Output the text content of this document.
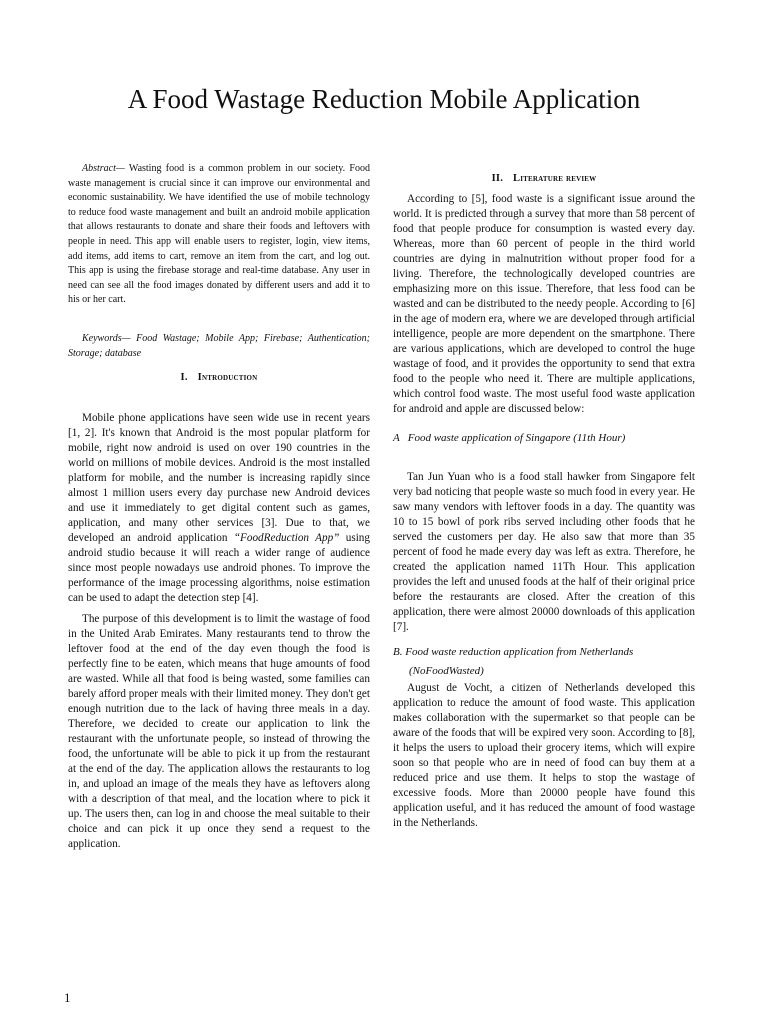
A Food Wastage Reduction Mobile Application

Abstract— Wasting food is a common problem in our society. Food waste management is crucial since it can improve our environmental and economic sustainability. We have identified the use of mobile technology to reduce food waste management and built an android mobile application that allows restaurants to donate and share their foods and leftovers with people in need. This app will enable users to register, login, view items, add items, add items to cart, remove an item from the cart, and log out. This app is using the firebase storage and real-time database. Any user in need can see all the food images donated by different users and add it to his or her cart.

Keywords— Food Wastage; Mobile App; Firebase; Authentication; Storage; database

I. Introduction

Mobile phone applications have seen wide use in recent years [1, 2]. It's known that Android is the most popular platform for mobile, right now android is used on over 190 countries in the world on millions of mobile devices. Android is the most installed platform for mobile, and the number is increasing rapidly since almost 1 million users every day purchase new Android devices and use it immediately to get digital content such as games, application, and many other services [3]. Due to that, we developed an android application “FoodReduction App” using android studio because it will reach a wider range of audience since most people nowadays use android phones. To improve the performance of the image processing algorithms, noise estimation can be used to adapt the detection step [4].

The purpose of this development is to limit the wastage of food in the United Arab Emirates. Many restaurants tend to throw the leftover food at the end of the day even though the food is perfectly fine to be eaten, which means that huge amounts of food are wasted. While all that food is being wasted, some families can barely afford proper meals with their limited money. They don't get enough nutrition due to the lack of having three meals in a day. Therefore, we decided to create our application to link the restaurant with the unfortunate people, so instead of throwing the food, the unfortunate will be able to pick it up from the restaurant at the end of the day. The application allows the restaurants to log in, and upload an image of the meals they have as leftovers along with a description of that meal, and the location where to pick it up. The users then, can log in and choose the meal suitable to their choice and can pick it up once they send a request to the application.

II. Literature review

According to [5], food waste is a significant issue around the world. It is predicted through a survey that more than 58 percent of food that people produce for consumption is wasted every day. Whereas, more than 60 percent of people in the third world countries are dying in malnutrition without proper food for a living. Therefore, the technologically developed countries are emphasizing more on this issue. Therefore, that less food can be wasted and can be distributed to the needy people. According to [6] in the age of modern era, where we are developed through artificial intelligence, people are more dependent on the smartphone. There are various applications, which are developed to control the huge wastage of food, and it provides the opportunity to send that extra food to the people who need it. There are multiple applications, which control food waste. The most useful food waste application for android and apple are discussed below:

A Food waste application of Singapore (11th Hour)

Tan Jun Yuan who is a food stall hawker from Singapore felt very bad noticing that people waste so much food in every year. He saw many vendors with leftover foods in a day. The quantity was 10 to 15 bowl of pork ribs served including other foods that he served the customers per day. He also saw that more than 35 percent of food he made every day was left as extra. Therefore, he created the application named 11Th Hour. This application provides the left and unused foods at the half of their original price before the restaurants are closed. After the creation of this application, there were almost 20000 downloads of this application [7].

B. Food waste reduction application from Netherlands
(NoFoodWasted)

August de Vocht, a citizen of Netherlands developed this application to reduce the amount of food waste. This application makes collaboration with the supermarket so that people can be aware of the foods that will be expired very soon. According to [8], it helps the users to upload their grocery items, which will expire soon so that people who are in need of food can buy them at a reduced price and use them. It helps to stop the wastage of excessive foods. More than 20000 people have found this application useful, and it has reduced the amount of food wastage in the Netherlands.

1
